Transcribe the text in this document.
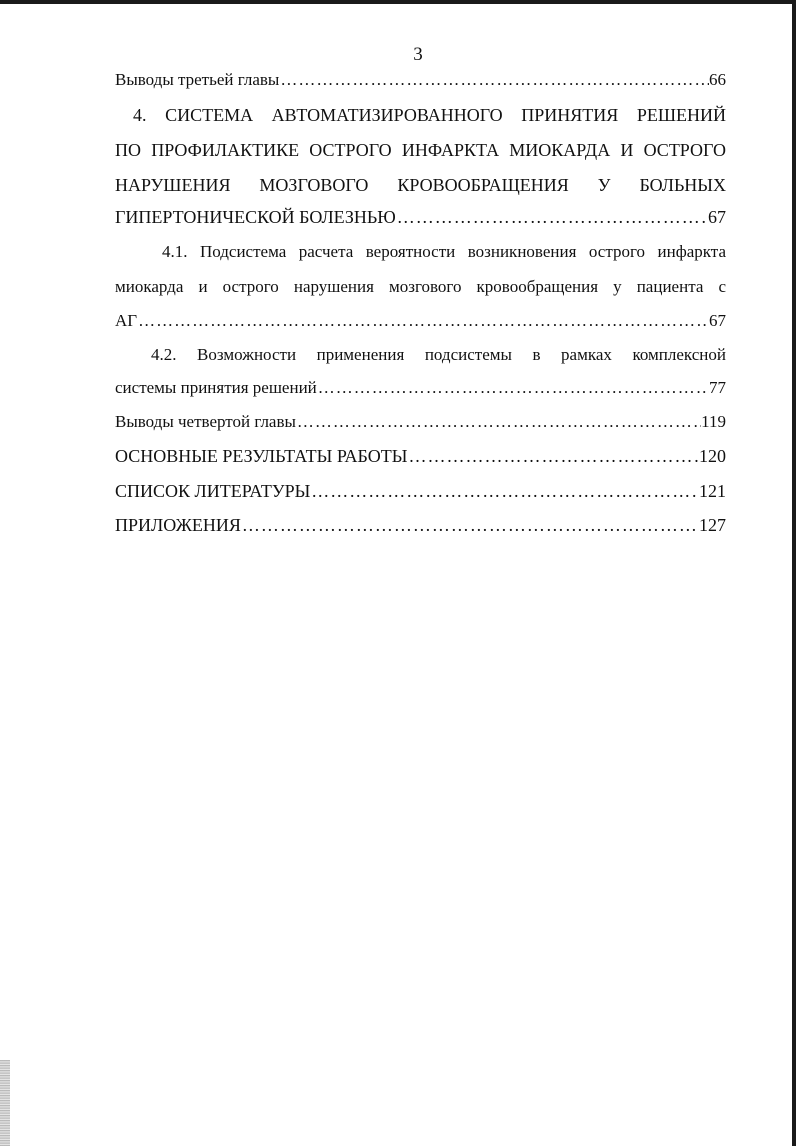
3
Выводы третьей главы …………………………………………………………………………………………………………………………………………………………………………………	66
4. СИСТЕМА АВТОМАТИЗИРОВАННОГО ПРИНЯТИЯ РЕШЕНИЙ
ПО ПРОФИЛАКТИКЕ ОСТРОГО ИНФАРКТА МИОКАРДА И ОСТРОГО
НАРУШЕНИЯ МОЗГОВОГО КРОВООБРАЩЕНИЯ У БОЛЬНЫХ
ГИПЕРТОНИЧЕСКОЙ БОЛЕЗНЬЮ …………………………………………………………………………………………………………………………………………………………………………………	67
4.1. Подсистема расчета вероятности возникновения острого инфаркта
миокарда и острого нарушения мозгового кровообращения у пациента с
АГ …………………………………………………………………………………………………………………………………………………………………………………	67
4.2. Возможности применения подсистемы в рамках комплексной
системы принятия решений …………………………………………………………………………………………………………………………………………………………………………………	77
Выводы четвертой главы …………………………………………………………………………………………………………………………………………………………………………………	119
ОСНОВНЫЕ РЕЗУЛЬТАТЫ РАБОТЫ …………………………………………………………………………………………………………………………………………………………………………………	120
СПИСОК ЛИТЕРАТУРЫ …………………………………………………………………………………………………………………………………………………………………………………	121
ПРИЛОЖЕНИЯ …………………………………………………………………………………………………………………………………………………………………………………	127
